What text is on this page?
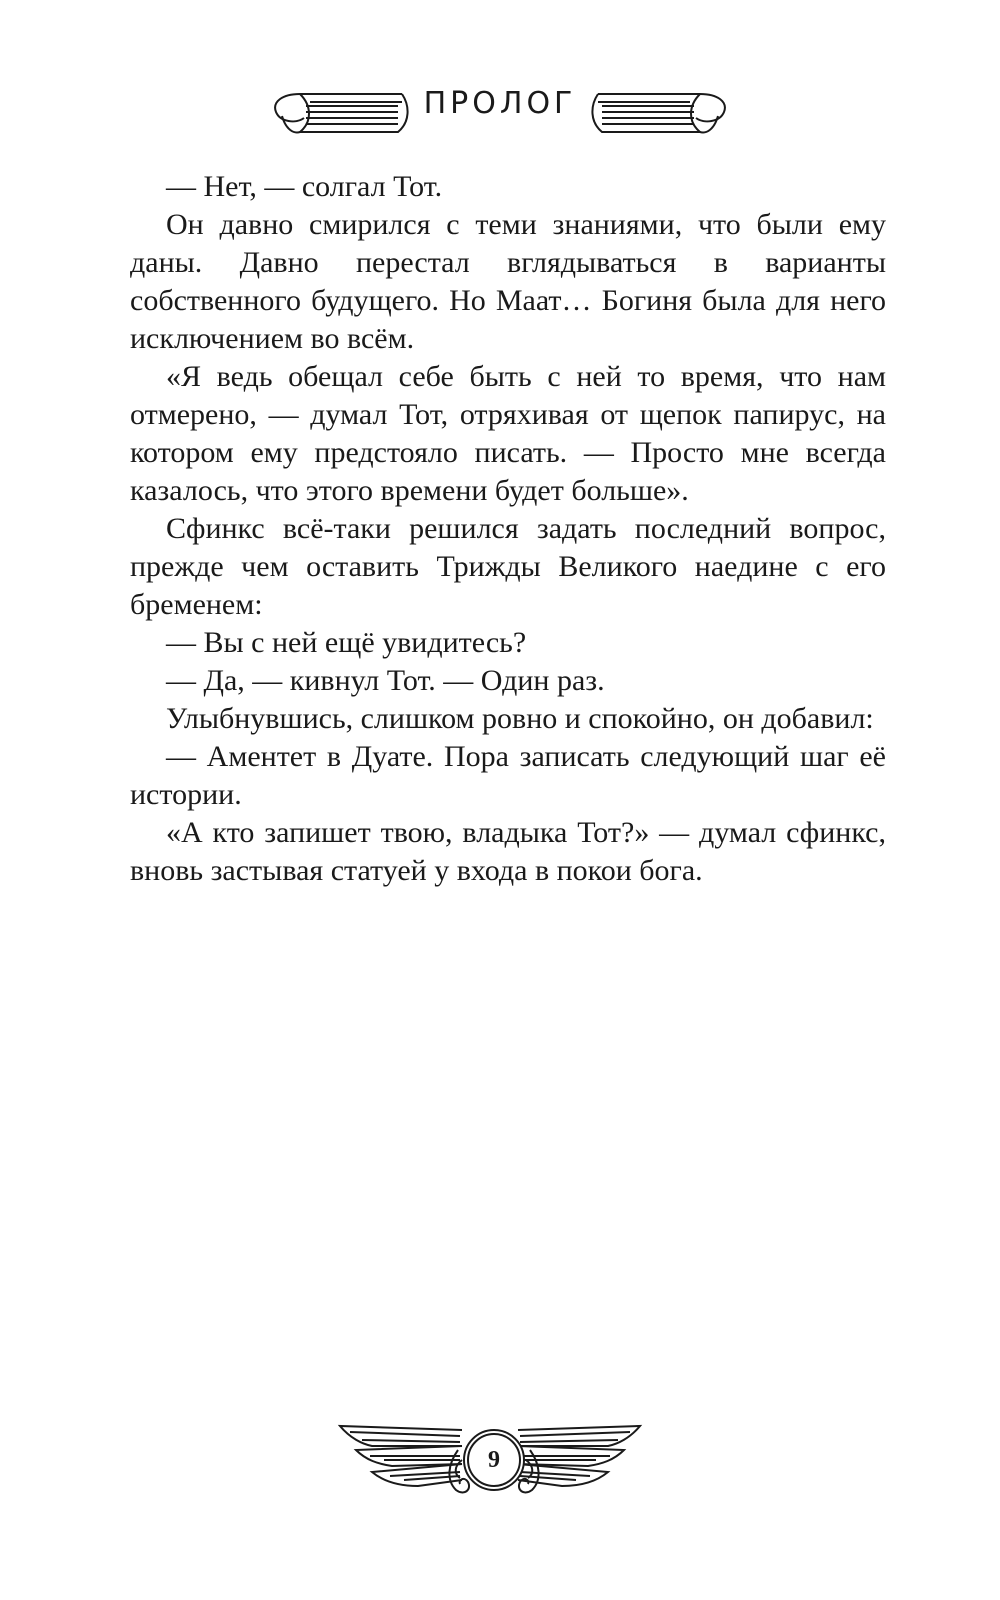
ПРОЛОГ

— Нет, — солгал Тот.

Он давно смирился с теми знаниями, что были ему даны. Давно перестал вглядываться в варианты собственного будущего. Но Маат… Богиня была для него исключением во всём.

«Я ведь обещал себе быть с ней то время, что нам отмерено, — думал Тот, отряхивая от щепок папирус, на котором ему предстояло писать. — Просто мне всегда казалось, что этого времени будет больше».

Сфинкс всё-таки решился задать последний вопрос, прежде чем оставить Трижды Великого наедине с его бременем:

— Вы с ней ещё увидитесь?

— Да, — кивнул Тот. — Один раз.

Улыбнувшись, слишком ровно и спокойно, он добавил:

— Аментет в Дуате. Пора записать следующий шаг её истории.

«А кто запишет твою, владыка Тот?» — думал сфинкс, вновь застывая статуей у входа в покои бога.

9
